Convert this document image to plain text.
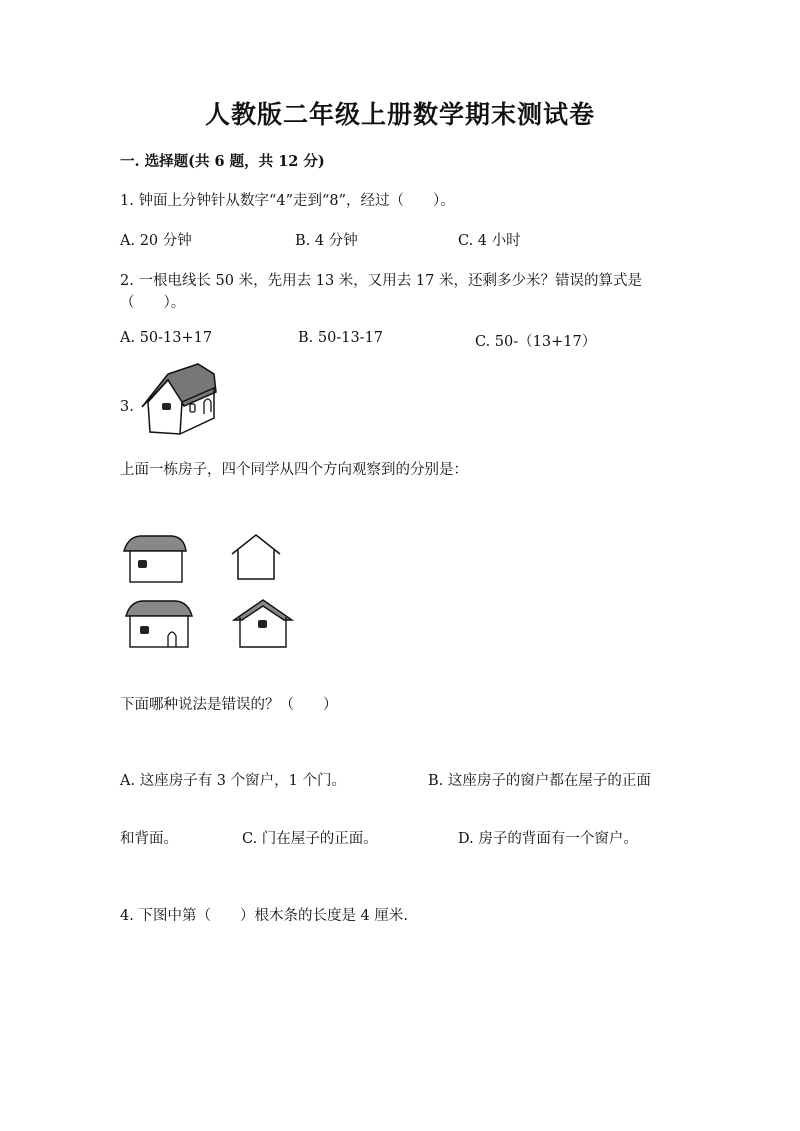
人教版二年级上册数学期末测试卷
一. 选择题(共 6 题，共 12 分)
1. 钟面上分钟针从数字“4”走到“8”，经过（　　）。
A. 20 分钟	B. 4 分钟	C. 4 小时
2. 一根电线长 50 米，先用去 13 米，又用去 17 米，还剩多少米？错误的算式是
（　　）。
A. 50-13+17	B. 50-13-17	C. 50-（13+17）
3.
上面一栋房子，四个同学从四个方向观察到的分别是：
下面哪种说法是错误的？（　　）
A. 这座房子有 3 个窗户，1 个门。	B. 这座房子的窗户都在屋子的正面
和背面。	C. 门在屋子的正面。	D. 房子的背面有一个窗户。
4. 下图中第（　　）根木条的长度是 4 厘米.
